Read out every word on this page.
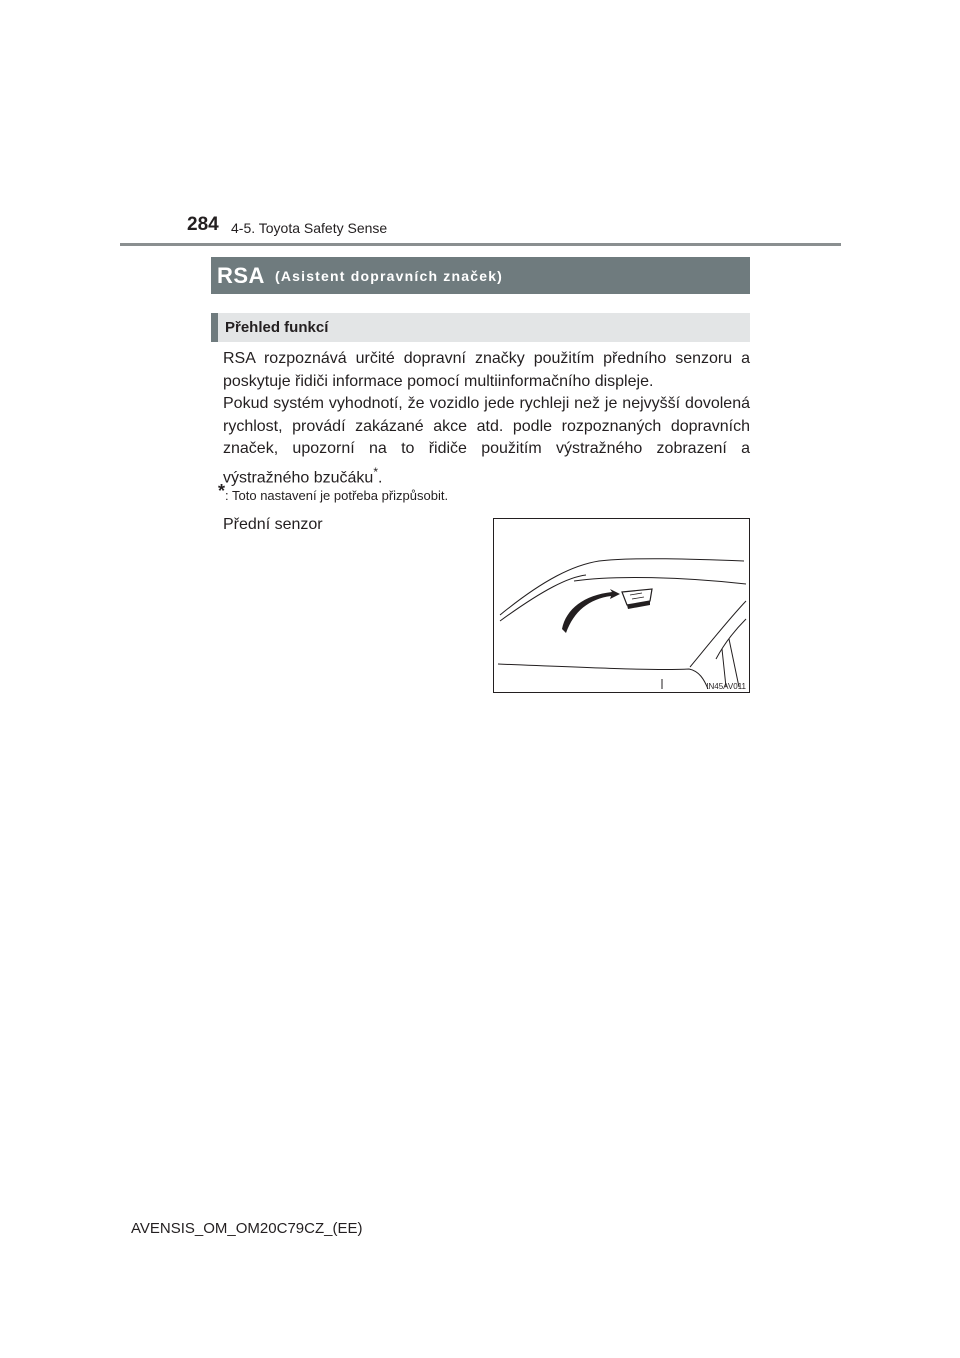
284 4-5. Toyota Safety Sense
RSA (Asistent dopravních značek)
Přehled funkcí

RSA rozpoznává určité dopravní značky použitím předního senzoru a poskytuje řidiči informace pomocí multiinformačního displeje.

Pokud systém vyhodnotí, že vozidlo jede rychleji než je nejvyšší dovolená rychlost, provádí zakázané akce atd. podle rozpoznaných dopravních značek, upozorní na to řidiče použitím výstražného zobrazení a výstražného bzučáku*.

*: Toto nastavení je potřeba přizpůsobit.
Přední senzor
IN45AV011
AVENSIS_OM_OM20C79CZ_(EE)
